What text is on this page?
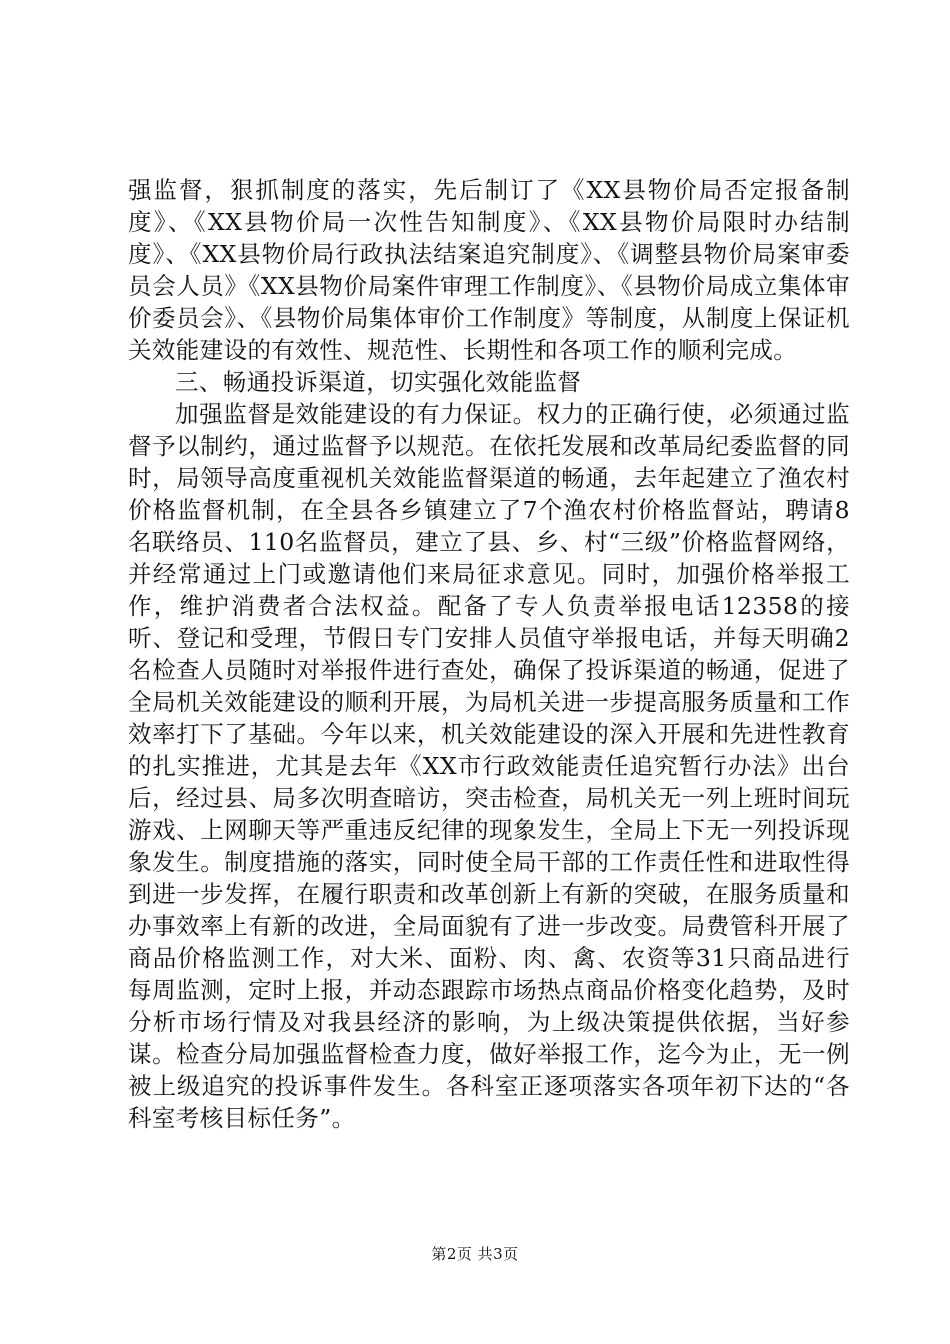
强监督，狠抓制度的落实，先后制订了《XX县物价局否定报备制度》、《XX县物价局一次性告知制度》、《XX县物价局限时办结制度》、《XX县物价局行政执法结案追究制度》、《调整县物价局案审委员会人员》《XX县物价局案件审理工作制度》、《县物价局成立集体审价委员会》、《县物价局集体审价工作制度》等制度，从制度上保证机关效能建设的有效性、规范性、长期性和各项工作的顺利完成。

三、畅通投诉渠道，切实强化效能监督

加强监督是效能建设的有力保证。权力的正确行使，必须通过监督予以制约，通过监督予以规范。在依托发展和改革局纪委监督的同时，局领导高度重视机关效能监督渠道的畅通，去年起建立了渔农村价格监督机制，在全县各乡镇建立了7个渔农村价格监督站，聘请8名联络员、110名监督员，建立了县、乡、村“三级”价格监督网络，并经常通过上门或邀请他们来局征求意见。同时，加强价格举报工作，维护消费者合法权益。配备了专人负责举报电话12358的接听、登记和受理，节假日专门安排人员值守举报电话，并每天明确2名检查人员随时对举报件进行查处，确保了投诉渠道的畅通，促进了全局机关效能建设的顺利开展，为局机关进一步提高服务质量和工作效率打下了基础。今年以来，机关效能建设的深入开展和先进性教育的扎实推进，尤其是去年《XX市行政效能责任追究暂行办法》出台后，经过县、局多次明查暗访，突击检查，局机关无一列上班时间玩游戏、上网聊天等严重违反纪律的现象发生，全局上下无一列投诉现象发生。制度措施的落实，同时使全局干部的工作责任性和进取性得到进一步发挥，在履行职责和改革创新上有新的突破，在服务质量和办事效率上有新的改进，全局面貌有了进一步改变。局费管科开展了商品价格监测工作，对大米、面粉、肉、禽、农资等31只商品进行每周监测，定时上报，并动态跟踪市场热点商品价格变化趋势，及时分析市场行情及对我县经济的影响，为上级决策提供依据，当好参谋。检查分局加强监督检查力度，做好举报工作，迄今为止，无一例被上级追究的投诉事件发生。各科室正逐项落实各项年初下达的“各科室考核目标任务”。

第2页 共3页
